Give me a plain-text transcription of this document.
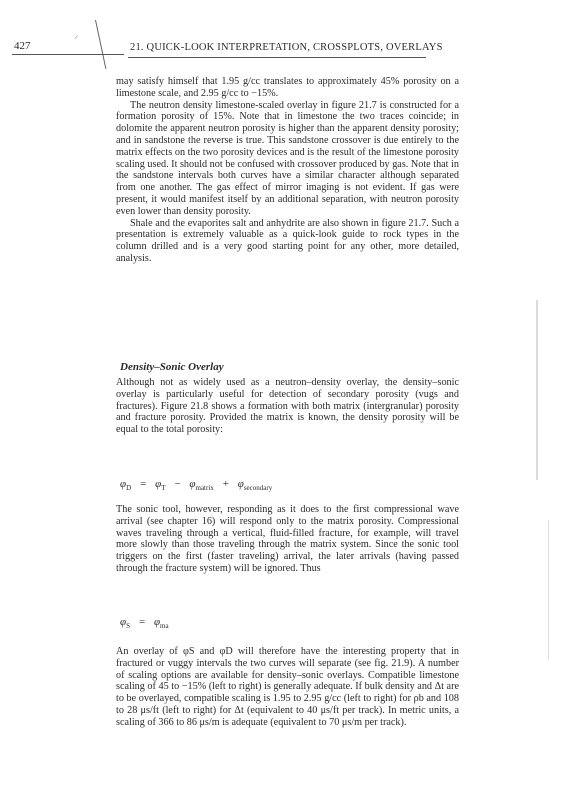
⸝
427	21. QUICK-LOOK INTERPRETATION, CROSSPLOTS, OVERLAYS

may satisfy himself that 1.95 g/cc translates to approximately 45% porosity on a limestone scale, and 2.95 g/cc to −15%.

The neutron density limestone-scaled overlay in figure 21.7 is constructed for a formation porosity of 15%. Note that in limestone the two traces coincide; in dolomite the apparent neutron porosity is higher than the apparent density porosity; and in sandstone the reverse is true. This sandstone crossover is due entirely to the matrix effects on the two porosity devices and is the result of the limestone porosity scaling used. It should not be confused with crossover produced by gas. Note that in the sandstone intervals both curves have a similar character although separated from one another. The gas effect of mirror imaging is not evident. If gas were present, it would manifest itself by an additional separation, with neutron porosity even lower than density porosity.

Shale and the evaporites salt and anhydrite are also shown in figure 21.7. Such a presentation is extremely valuable as a quick-look guide to rock types in the column drilled and is a very good starting point for any other, more detailed, analysis.

Density–Sonic Overlay

Although not as widely used as a neutron–density overlay, the density–sonic overlay is particularly useful for detection of secondary porosity (vugs and fractures). Figure 21.8 shows a formation with both matrix (intergranular) porosity and fracture porosity. Provided the matrix is known, the density porosity will be equal to the total porosity:

$\varphi_D = \varphi_T - \varphi_{matrix} + \varphi_{secondary}$

The sonic tool, however, responding as it does to the first compressional wave arrival (see chapter 16) will respond only to the matrix porosity. Compressional waves traveling through a vertical, fluid-filled fracture, for example, will travel more slowly than those traveling through the matrix system. Since the sonic tool triggers on the first (faster traveling) arrival, the later arrivals (having passed through the fracture system) will be ignored. Thus

$\varphi_S = \varphi_{ma}$

An overlay of φS and φD will therefore have the interesting property that in fractured or vuggy intervals the two curves will separate (see fig. 21.9). A number of scaling options are available for density–sonic overlays. Compatible limestone scaling of 45 to −15% (left to right) is generally adequate. If bulk density and Δt are to be overlayed, compatible scaling is 1.95 to 2.95 g/cc (left to right) for ρb and 108 to 28 μs/ft (left to right) for Δt (equivalent to 40 μs/ft per track). In metric units, a scaling of 366 to 86 μs/m is adequate (equivalent to 70 μs/m per track).
